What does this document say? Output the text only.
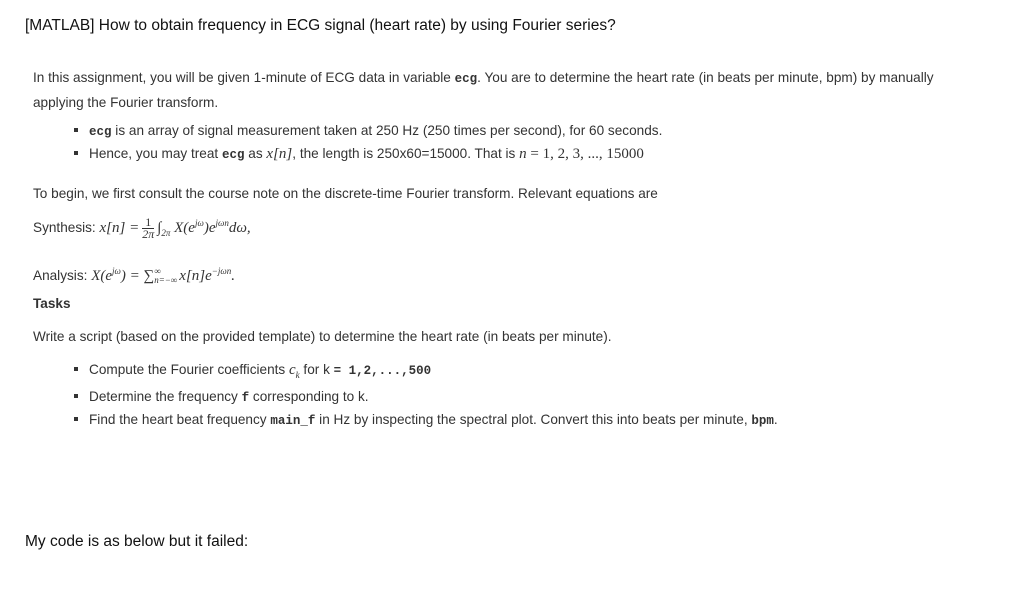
[MATLAB] How to obtain frequency in ECG signal (heart rate) by using Fourier series?
In this assignment, you will be given 1-minute of ECG data in variable ecg. You are to determine the heart rate (in beats per minute, bpm) by manually applying the Fourier transform.
ecg is an array of signal measurement taken at 250 Hz (250 times per second), for 60 seconds.
Hence, you may treat ecg as x[n], the length is 250x60=15000. That is n = 1, 2, 3, ..., 15000
To begin, we first consult the course note on the discrete-time Fourier transform. Relevant equations are
Synthesis: $x[n] = \frac{1}{2\pi} \int_{2\pi}$ $X(e^{j\omega})e^{j\omega n}d\omega$,
Analysis: $X(e^{j\omega})$ = ∑ ∞
n=−∞ $x[n]e^{-j\omega n}$.
Tasks
Write a script (based on the provided template) to determine the heart rate (in beats per minute).
Compute the Fourier coefficients $c_k$ for k = 1,2,...,500
Determine the frequency f corresponding to k.
Find the heart beat frequency main_f in Hz by inspecting the spectral plot. Convert this into beats per minute, bpm.
My code is as below but it failed:
